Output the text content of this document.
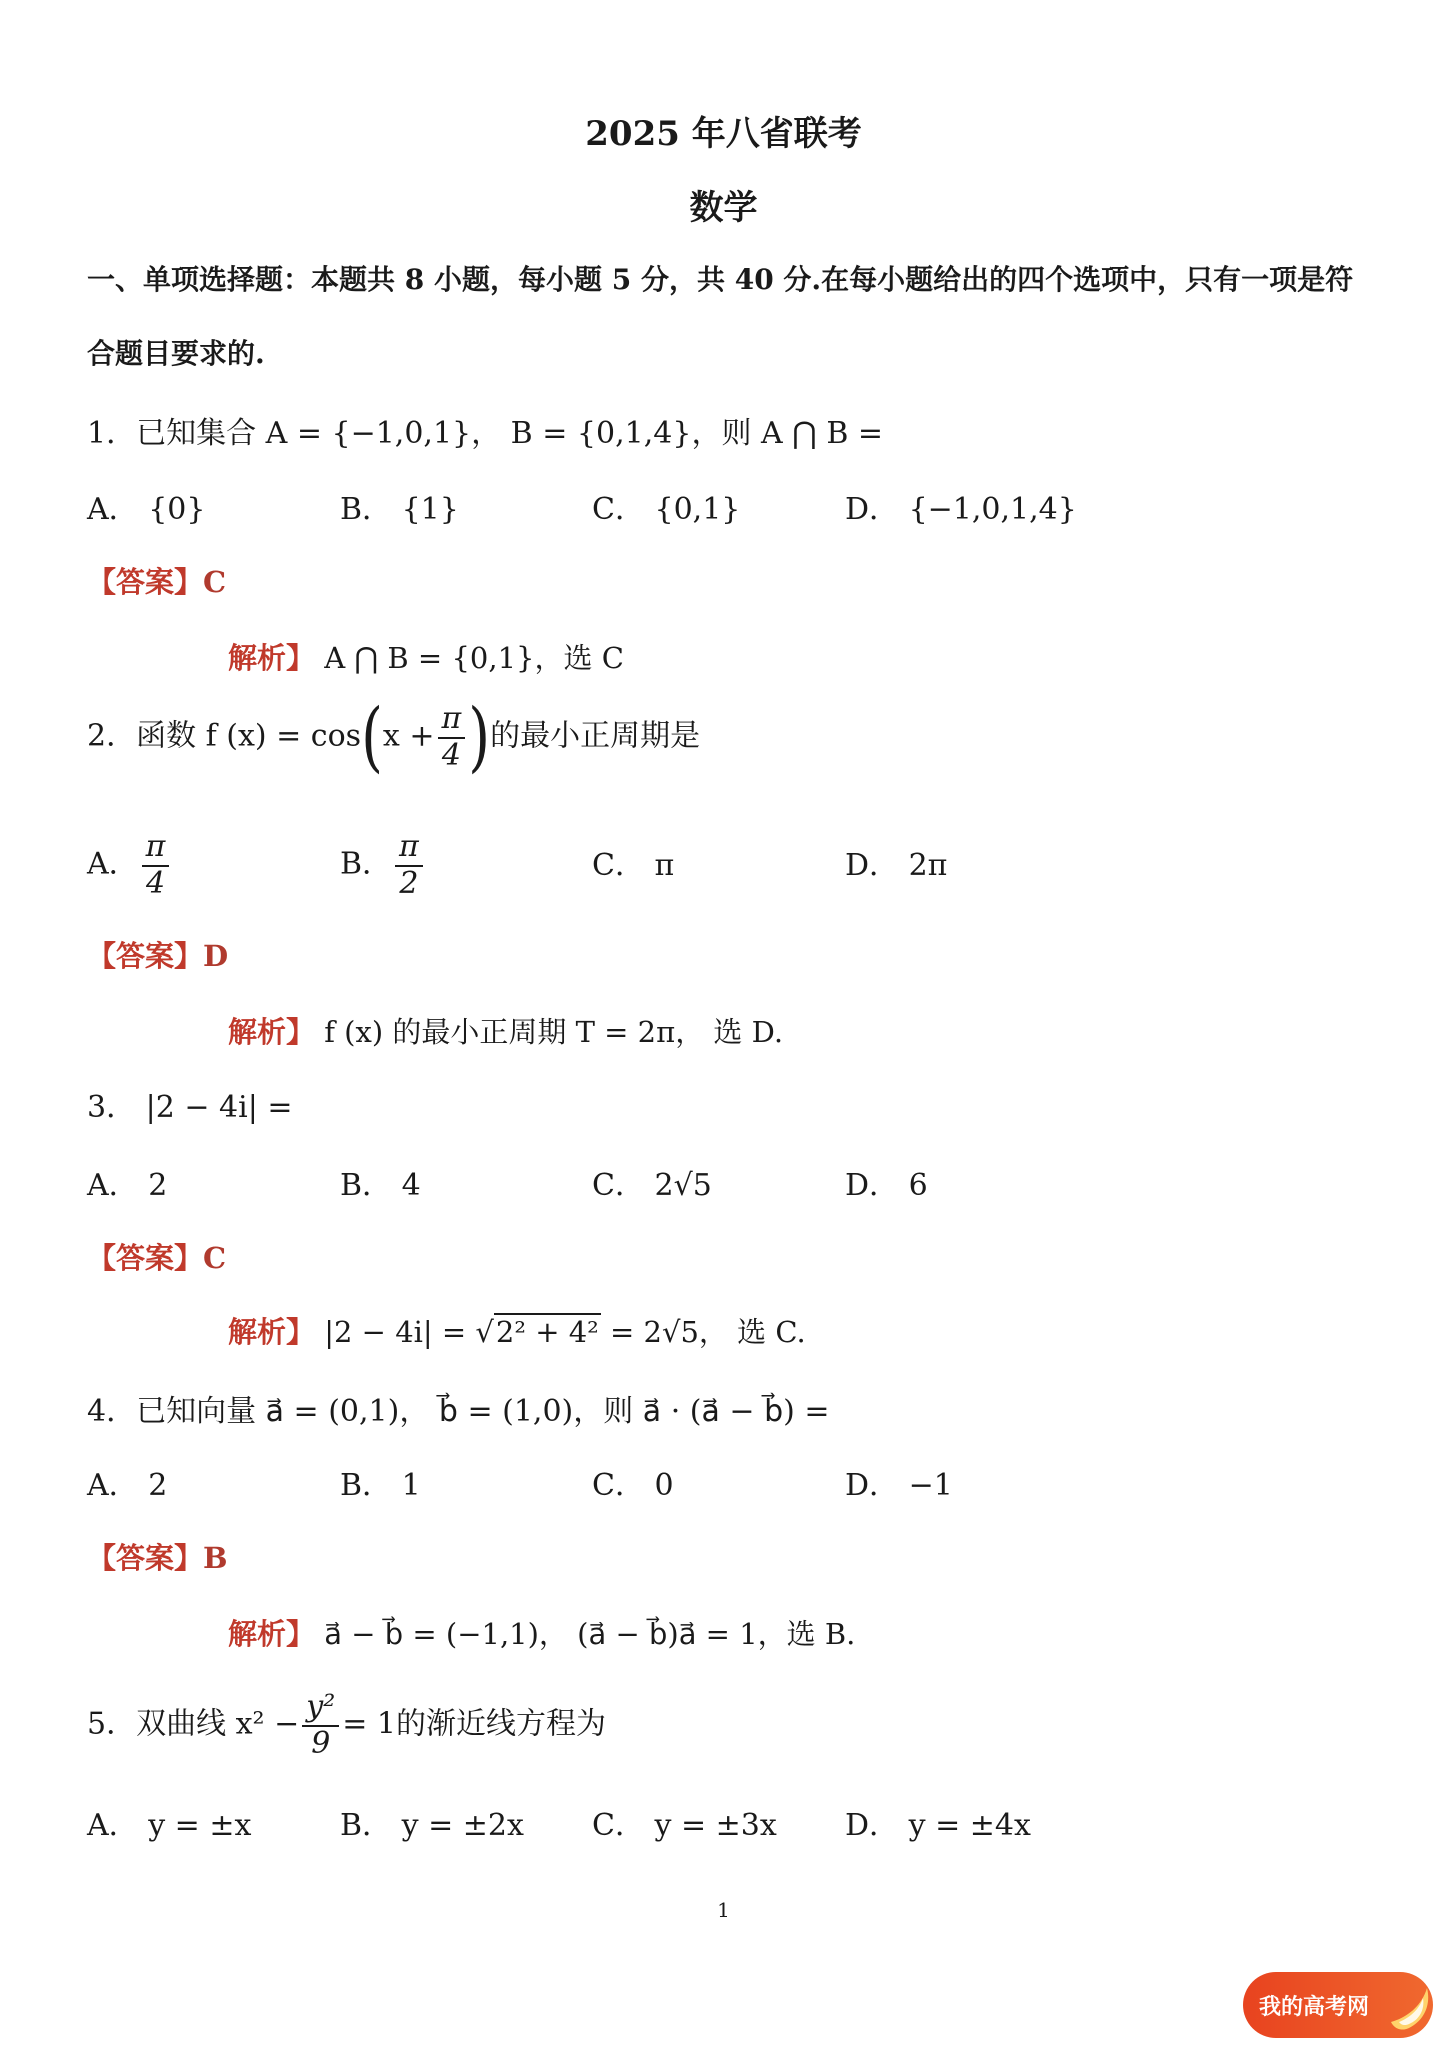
2025 年八省联考
数学
一、单项选择题：本题共 8 小题，每小题 5 分，共 40 分.在每小题给出的四个选项中，只有一项是符
合题目要求的.
1．已知集合 A = {−1,0,1}， B = {0,1,4}，则 A ⋂ B =
A． {0}	B． {1}	C． {0,1}	D． {−1,0,1,4}
【答案】C
解析】 A ⋂ B = {0,1}，选 C
2．函数 f $(x) = \cos(x + \frac{\pi}{4}$ )的最小正周期是
A． $\frac{\pi}{4}$	B． $\frac{\pi}{2}$	C． π	D． 2π
【答案】D
解析】 f (x) 的最小正周期 T = 2π， 选 D.
3． |2 − 4i| =
A． 2	B． 4	C． 2√5	D． 6
【答案】C
解析】 |2 − 4i| = √2² + 4² = 2√5， 选 C.
4．已知向量 a⃗ = (0,1)， b⃗ = (1,0)，则 a⃗ · (a⃗ − b⃗) =
A． 2	B． 1	C． 0	D． −1
【答案】B
解析】 a⃗ − b⃗ = (−1,1)， (a⃗ − b⃗)a⃗ = 1，选 B.
5．双曲线 $x^2 - \frac{\text{y²}}{9} = 1$的渐近线方程为
A． y = ±x	B． y = ±2x C． y = ±3x D． y = ±4x
1
我的高考网
